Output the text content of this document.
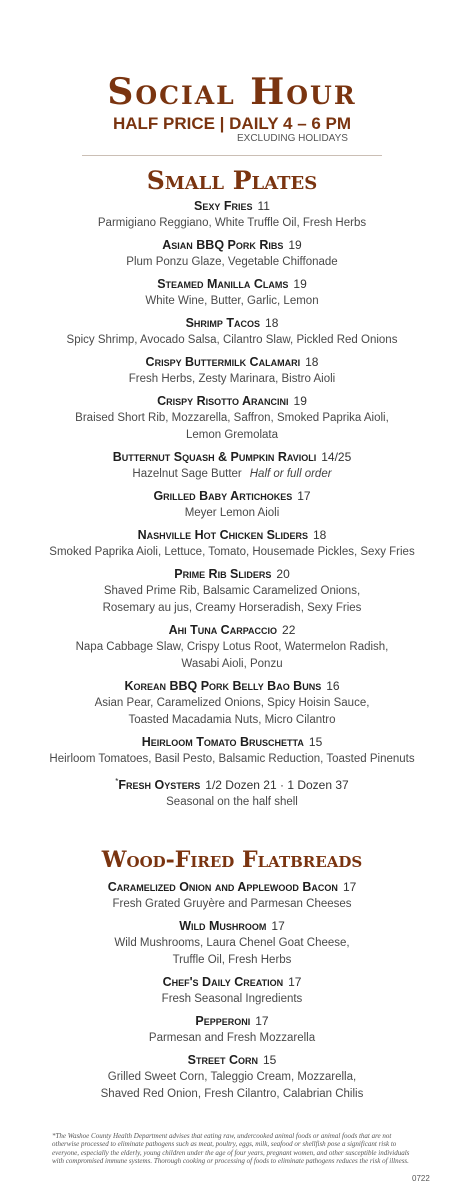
Social Hour
HALF PRICE | DAILY 4 – 6 PM
EXCLUDING HOLIDAYS
Small Plates
Sexy Fries 11
Parmigiano Reggiano, White Truffle Oil, Fresh Herbs
Asian BBQ Pork Ribs 19
Plum Ponzu Glaze, Vegetable Chiffonade
Steamed Manilla Clams 19
White Wine, Butter, Garlic, Lemon
Shrimp Tacos 18
Spicy Shrimp, Avocado Salsa, Cilantro Slaw, Pickled Red Onions
Crispy Buttermilk Calamari 18
Fresh Herbs, Zesty Marinara, Bistro Aioli
Crispy Risotto Arancini 19
Braised Short Rib, Mozzarella, Saffron, Smoked Paprika Aioli,
Lemon Gremolata
Butternut Squash & Pumpkin Ravioli 14/25
Hazelnut Sage Butter Half or full order
Grilled Baby Artichokes 17
Meyer Lemon Aioli
Nashville Hot Chicken Sliders 18
Smoked Paprika Aioli, Lettuce, Tomato, Housemade Pickles, Sexy Fries
Prime Rib Sliders 20
Shaved Prime Rib, Balsamic Caramelized Onions,
Rosemary au jus, Creamy Horseradish, Sexy Fries
Ahi Tuna Carpaccio 22
Napa Cabbage Slaw, Crispy Lotus Root, Watermelon Radish,
Wasabi Aioli, Ponzu
Korean BBQ Pork Belly Bao Buns 16
Asian Pear, Caramelized Onions, Spicy Hoisin Sauce,
Toasted Macadamia Nuts, Micro Cilantro
Heirloom Tomato Bruschetta 15
Heirloom Tomatoes, Basil Pesto, Balsamic Reduction, Toasted Pinenuts
*Fresh Oysters 1/2 Dozen 21 · 1 Dozen 37
Seasonal on the half shell
Wood-Fired Flatbreads
Caramelized Onion and Applewood Bacon 17
Fresh Grated Gruyère and Parmesan Cheeses
Wild Mushroom 17
Wild Mushrooms, Laura Chenel Goat Cheese,
Truffle Oil, Fresh Herbs
Chef's Daily Creation 17
Fresh Seasonal Ingredients
Pepperoni 17
Parmesan and Fresh Mozzarella
Street Corn 15
Grilled Sweet Corn, Taleggio Cream, Mozzarella,
Shaved Red Onion, Fresh Cilantro, Calabrian Chilis
*The Washoe County Health Department advises that eating raw, undercooked animal foods or animal foods that are not otherwise processed to eliminate pathogens such as meat, poultry, eggs, milk, seafood or shellfish pose a significant risk to everyone, especially the elderly, young children under the age of four years, pregnant women, and other susceptible individuals with compromised immune systems. Thorough cooking or processing of foods to eliminate pathogens reduces the risk of illness.
0722
